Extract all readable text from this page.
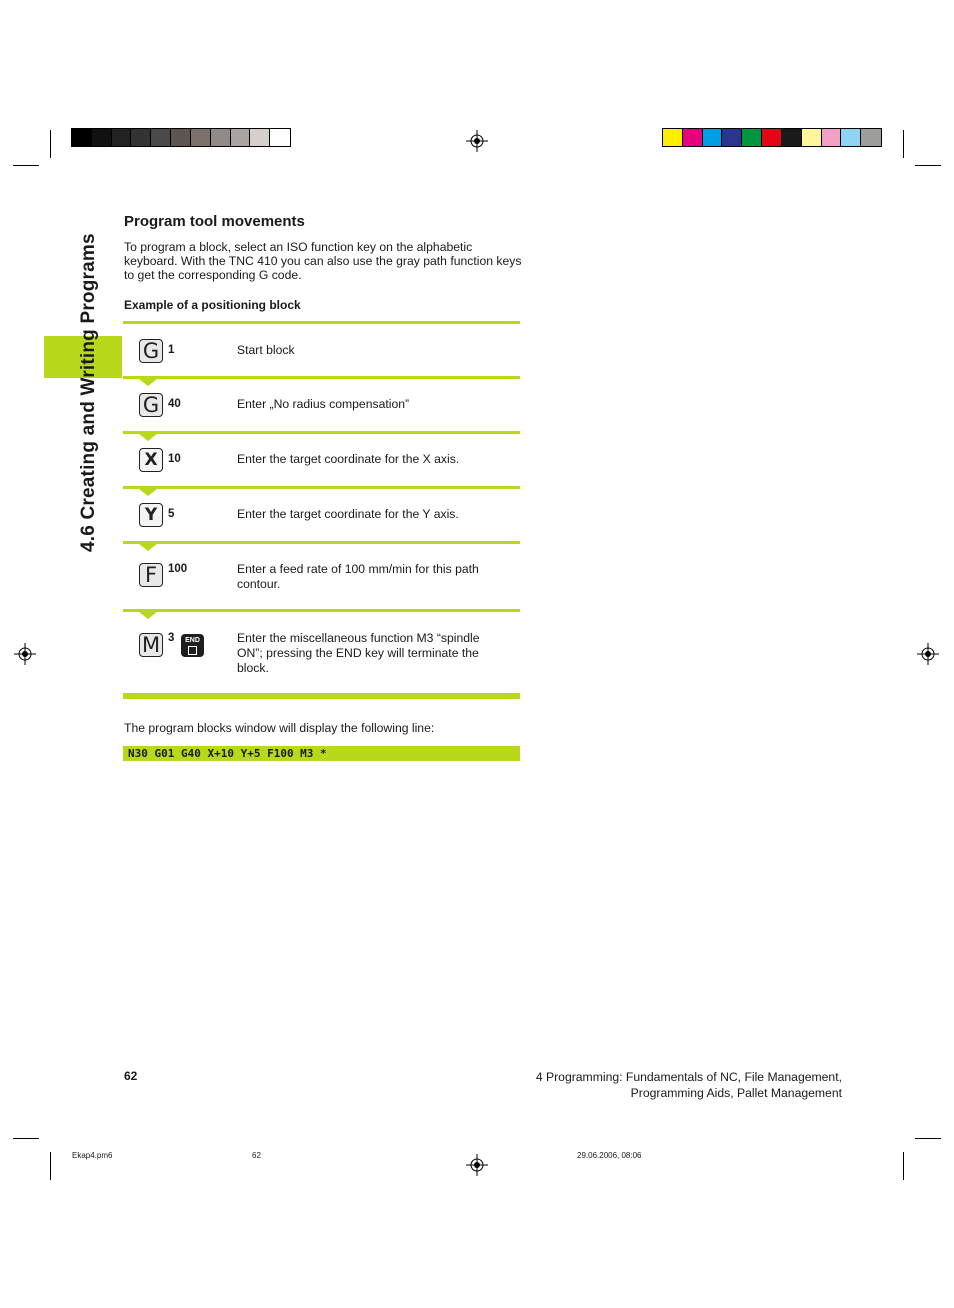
4.6 Creating and Writing Programs
Program tool movements

To program a block, select an ISO function key on the alphabetic keyboard. With the TNC 410 you can also use the gray path function keys to get the corresponding G code.

Example of a positioning block
G 1	Start block
G 40	Enter „No radius compensation”
X 10	Enter the target coordinate for the X axis.
Y 5	Enter the target coordinate for the Y axis.
F 100	Enter a feed rate of 100 mm/min for this path contour.
M 3 END	Enter the miscellaneous function M3 “spindle ON”; pressing the END key will terminate the block.
The program blocks window will display the following line:
N30 G01 G40 X+10 Y+5 F100 M3 *
62	4 Programming: Fundamentals of NC, File Management,
Programming Aids, Pallet Management
Ekap4.pm6	62	29.06.2006, 08:06
